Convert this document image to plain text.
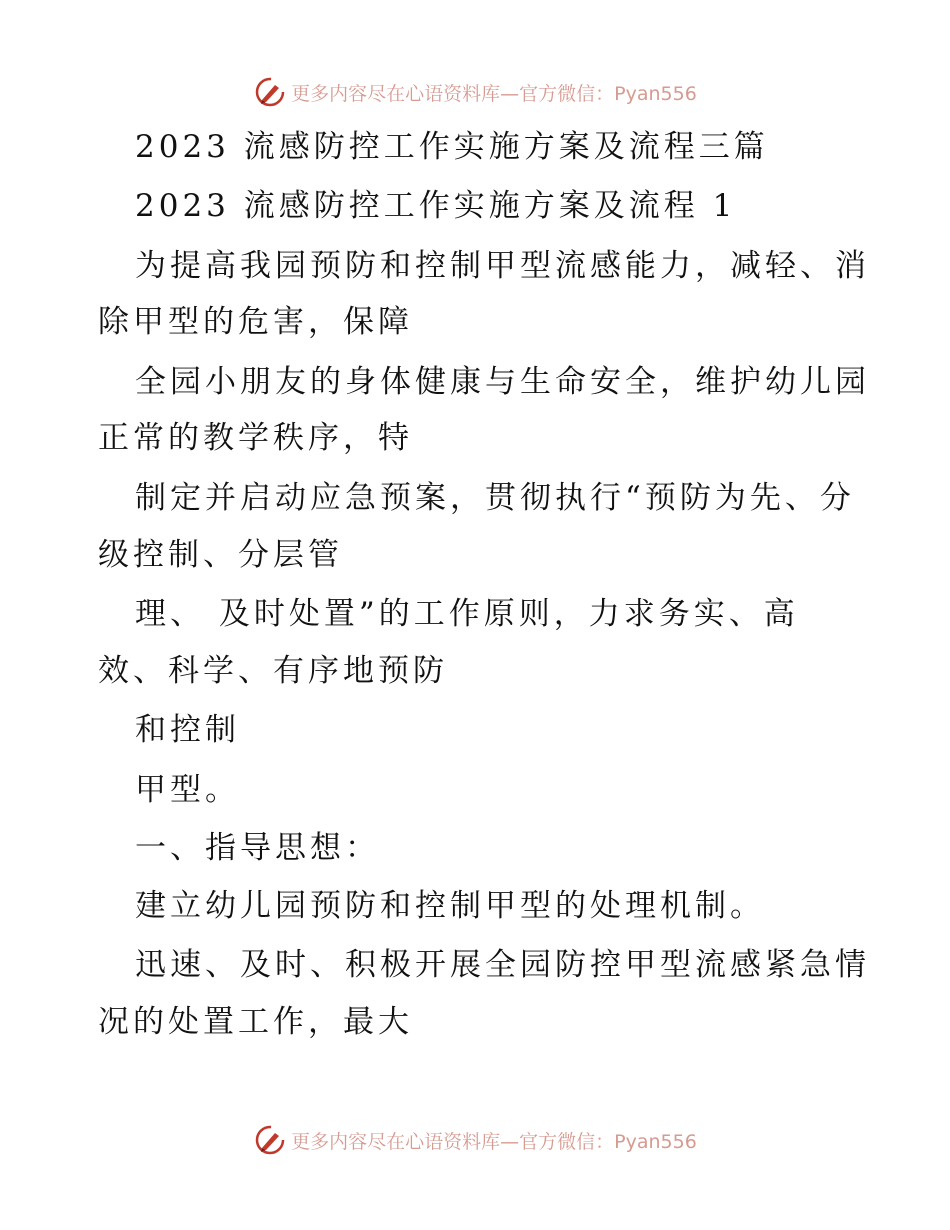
更多内容尽在心语资料库—官方微信：Pyan556
2023 流感防控工作实施方案及流程三篇
2023 流感防控工作实施方案及流程 1
为提高我园预防和控制甲型流感能力，减轻、消
除甲型的危害，保障
全园小朋友的身体健康与生命安全，维护幼儿园
正常的教学秩序，特
制定并启动应急预案，贯彻执行“预防为先、分
级控制、分层管
理、 及时处置”的工作原则，力求务实、高
效、科学、有序地预防
和控制
甲型。
一、指导思想：
建立幼儿园预防和控制甲型的处理机制。
迅速、及时、积极开展全园防控甲型流感紧急情
况的处置工作，最大
更多内容尽在心语资料库—官方微信：Pyan556
